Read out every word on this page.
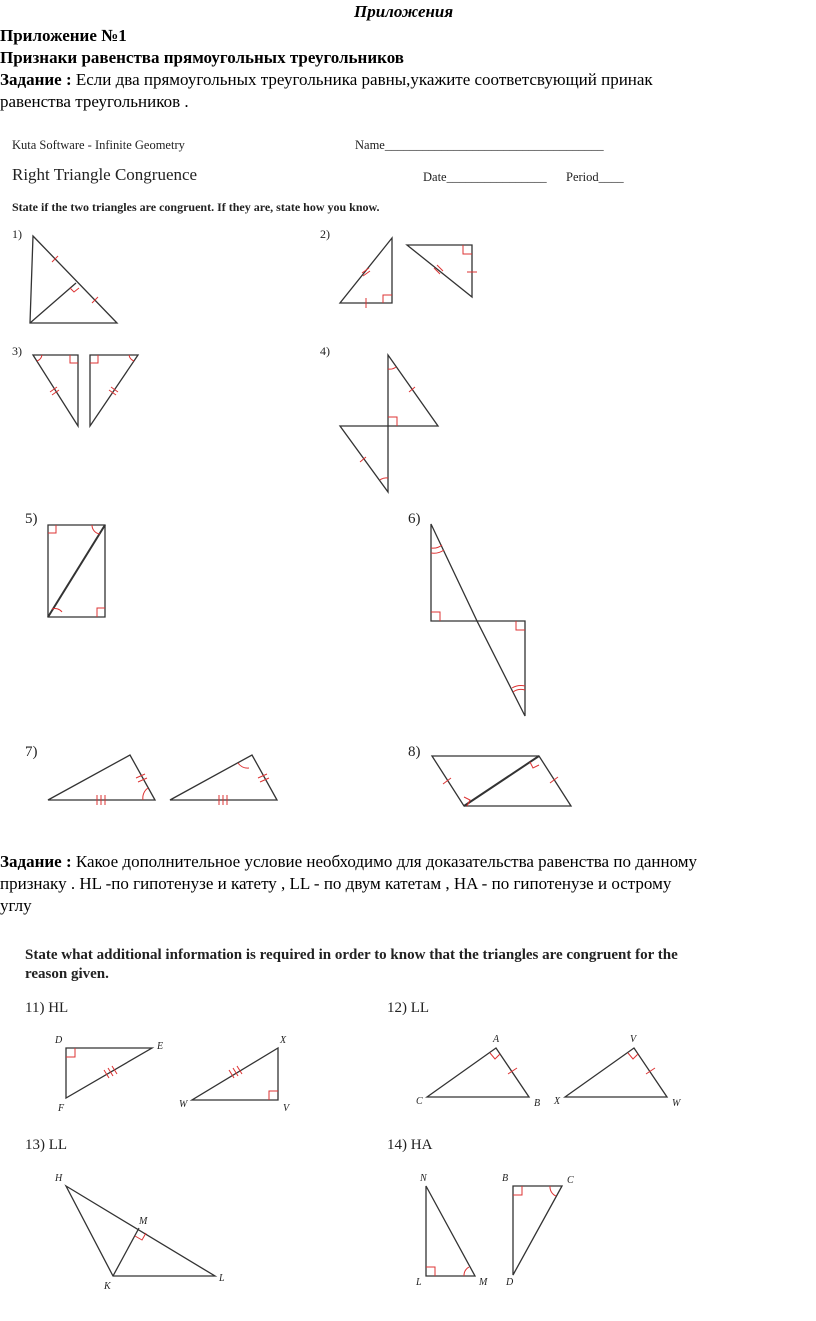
Приложения
Приложение №1
Признаки равенства прямоугольных треугольников
Задание : Если два прямоугольных треугольника равны,укажите соответсвующий принак
равенства треугольников .
Kuta Software - Infinite Geometry	Name___________________________________
Right Triangle Congruence	Date________________ Period____
State if the two triangles are congruent. If they are, state how you know.
1)	2)
3)	4)
5)	6)
7)	8)
Задание : Какое дополнительное условие необходимо для доказательства равенства по данному
признаку . HL -по гипотенузе и катету , LL - по двум катетам , HA - по гипотенузе и острому
углу
State what additional information is required in order to know that the triangles are congruent for the
reason given.
11) HL	12) LL
13) LL	14) HA
D
E
F
X
W	V
A
C	B
V
X	W
H
M
K
L
N
L	M
B	C
D
